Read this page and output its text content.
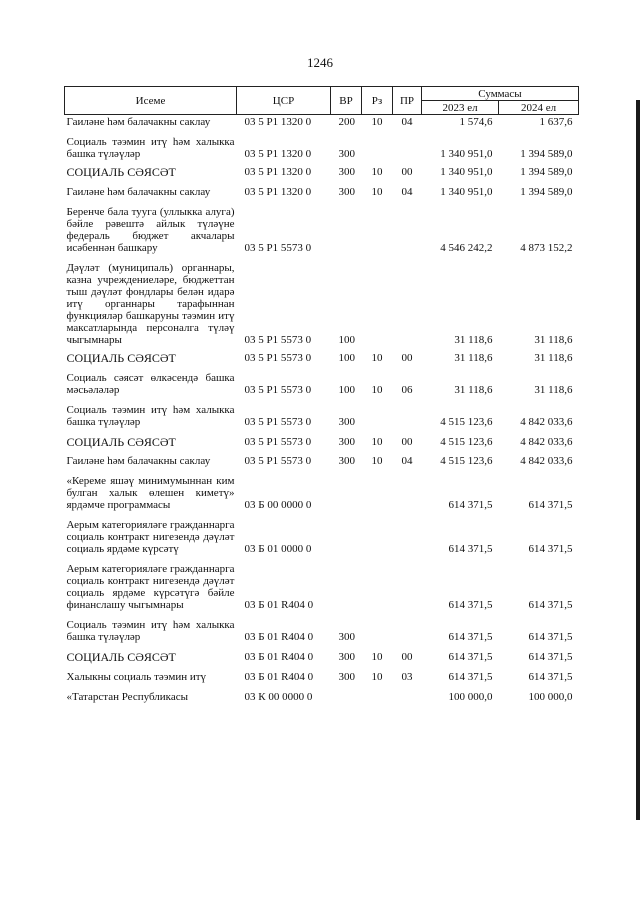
1246
Исеме	ЦСР	ВР	Рз	ПР	Суммасы	
					2023 ел	2024 ел
Гаиләне һәм балачакны саклау	03 5 Р1 1320 0	200	10	04	1 574,6	1 637,6
Социаль тәэмин итү һәм халыкка башка түләүләр	03 5 Р1 1320 0	300			1 340 951,0	1 394 589,0
СОЦИАЛЬ СӘЯСӘТ	03 5 Р1 1320 0	300	10	00	1 340 951,0	1 394 589,0
Гаиләне һәм балачакны саклау	03 5 Р1 1320 0	300	10	04	1 340 951,0	1 394 589,0
Беренче бала туугa (уллыкка алуга) бәйле рәвештә айлык түләүне федераль бюджет акчалары исәбеннән башкару	03 5 Р1 5573 0				4 546 242,2	4 873 152,2
Дәүләт (муниципаль) органнары, казна учреждениеләре, бюджеттан тыш дәүләт фондлары белән идарә итү органнары тарафыннан функцияләр башкаруны тәэмин итү максатларында персоналга түләү чыгымнары	03 5 Р1 5573 0	100			31 118,6	31 118,6
СОЦИАЛЬ СӘЯСӘТ	03 5 Р1 5573 0	100	10	00	31 118,6	31 118,6
Социаль сәясәт өлкәсендә башка мәсьәләләр	03 5 Р1 5573 0	100	10	06	31 118,6	31 118,6
Социаль тәэмин итү һәм халыкка башка түләүләр	03 5 Р1 5573 0	300			4 515 123,6	4 842 033,6
СОЦИАЛЬ СӘЯСӘТ	03 5 Р1 5573 0	300	10	00	4 515 123,6	4 842 033,6
Гаиләне һәм балачакны саклау	03 5 Р1 5573 0	300	10	04	4 515 123,6	4 842 033,6
«Кереме яшәү минимумыннан ким булган халык өлешен киметү» ярдәмче программасы	03 Б 00 0000 0				614 371,5	614 371,5
Аерым категорияләге гражданнарга социаль контракт нигезендә дәүләт социаль ярдәме күрсәтү	03 Б 01 0000 0				614 371,5	614 371,5
Аерым категорияләге гражданнарга социаль контракт нигезендә дәүләт социаль ярдәме күрсәтүгә бәйле финанслашу чыгымнары	03 Б 01 R404 0				614 371,5	614 371,5
Социаль тәэмин итү һәм халыкка башка түләүләр	03 Б 01 R404 0	300			614 371,5	614 371,5
СОЦИАЛЬ СӘЯСӘТ	03 Б 01 R404 0	300	10	00	614 371,5	614 371,5
Халыкны социаль тәэмин итү	03 Б 01 R404 0	300	10	03	614 371,5	614 371,5
«Татарстан Республикасы	03 К 00 0000 0				100 000,0	100 000,0
